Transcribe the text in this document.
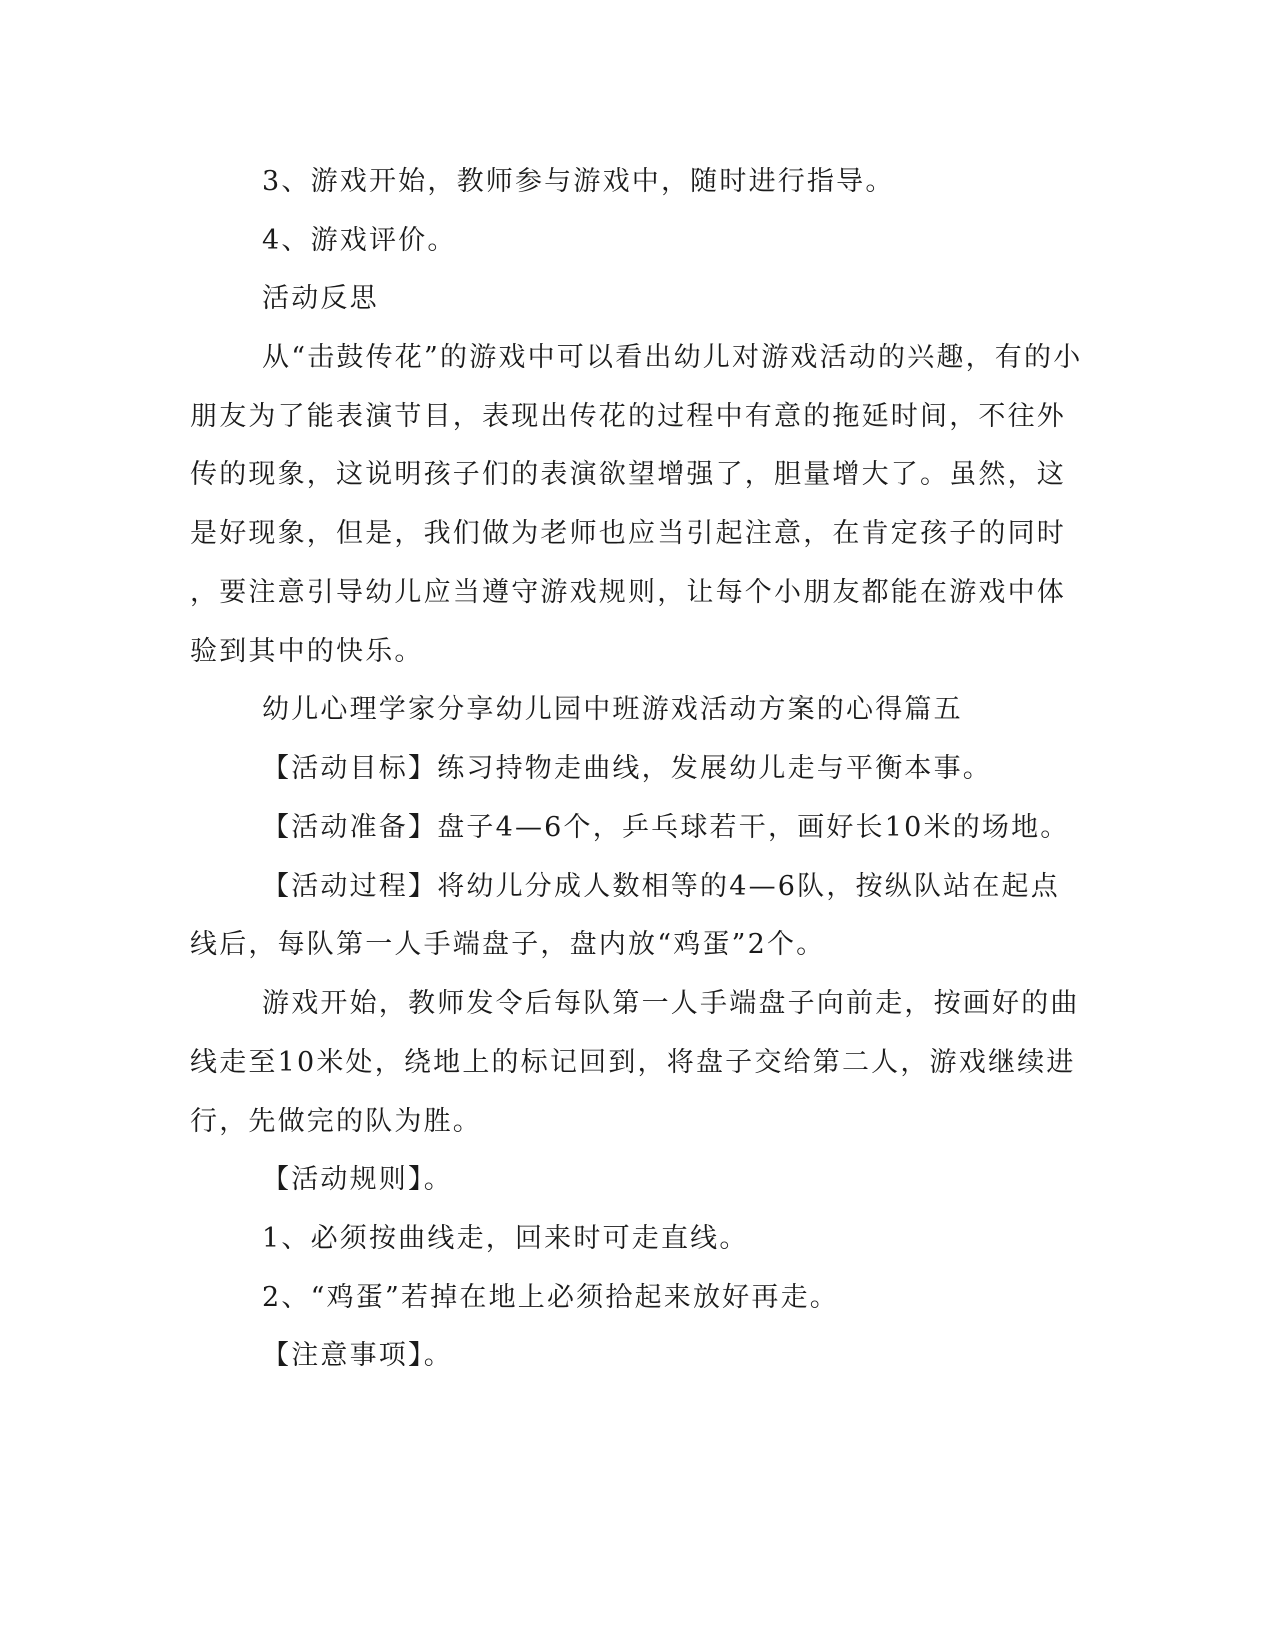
3、游戏开始，教师参与游戏中，随时进行指导。
4、游戏评价。
活动反思
从“击鼓传花”的游戏中可以看出幼儿对游戏活动的兴趣，有的小
朋友为了能表演节目，表现出传花的过程中有意的拖延时间，不往外
传的现象，这说明孩子们的表演欲望增强了，胆量增大了。虽然，这
是好现象，但是，我们做为老师也应当引起注意，在肯定孩子的同时
，要注意引导幼儿应当遵守游戏规则，让每个小朋友都能在游戏中体
验到其中的快乐。
幼儿心理学家分享幼儿园中班游戏活动方案的心得篇五
【活动目标】练习持物走曲线，发展幼儿走与平衡本事。
【活动准备】盘子4—6个，乒乓球若干，画好长10米的场地。
【活动过程】将幼儿分成人数相等的4—6队，按纵队站在起点
线后，每队第一人手端盘子，盘内放“鸡蛋”2个。
游戏开始，教师发令后每队第一人手端盘子向前走，按画好的曲
线走至10米处，绕地上的标记回到，将盘子交给第二人，游戏继续进
行，先做完的队为胜。
【活动规则】。
1、必须按曲线走，回来时可走直线。
2、“鸡蛋”若掉在地上必须拾起来放好再走。
【注意事项】。
